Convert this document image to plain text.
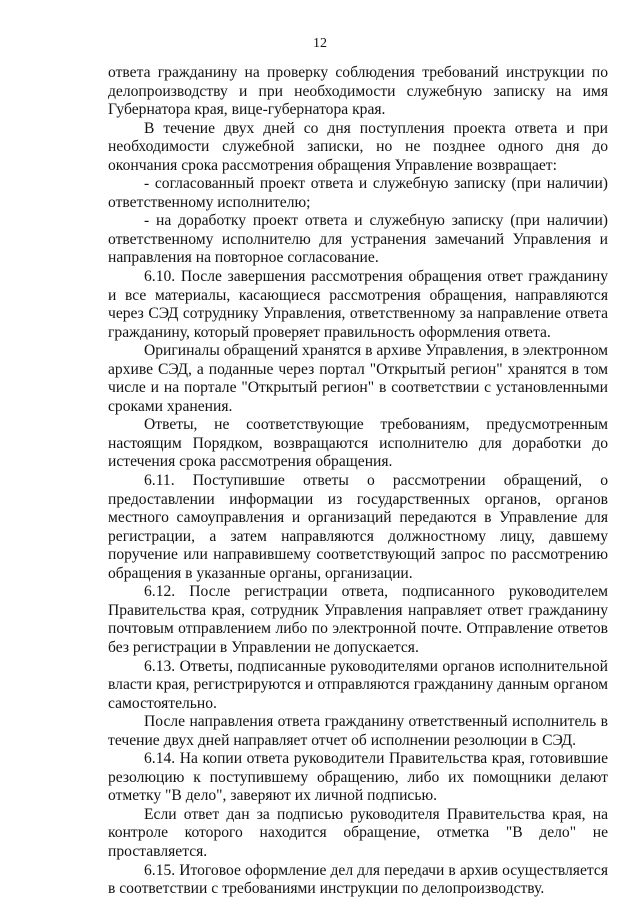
12

ответа гражданину на проверку соблюдения требований инструкции по делопроизводству и при необходимости служебную записку на имя Губернатора края, вице-губернатора края.

В течение двух дней со дня поступления проекта ответа и при необходимости служебной записки, но не позднее одного дня до окончания срока рассмотрения обращения Управление возвращает:

- согласованный проект ответа и служебную записку (при наличии) ответственному исполнителю;

- на доработку проект ответа и служебную записку (при наличии) ответственному исполнителю для устранения замечаний Управления и направления на повторное согласование.

6.10. После завершения рассмотрения обращения ответ гражданину и все материалы, касающиеся рассмотрения обращения, направляются через СЭД сотруднику Управления, ответственному за направление ответа гражданину, который проверяет правильность оформления ответа.

Оригиналы обращений хранятся в архиве Управления, в электронном архиве СЭД, а поданные через портал "Открытый регион" хранятся в том числе и на портале "Открытый регион" в соответствии с установленными сроками хранения.

Ответы, не соответствующие требованиям, предусмотренным настоящим Порядком, возвращаются исполнителю для доработки до истечения срока рассмотрения обращения.

6.11. Поступившие ответы о рассмотрении обращений, о предоставлении информации из государственных органов, органов местного самоуправления и организаций передаются в Управление для регистрации, а затем направляются должностному лицу, давшему поручение или направившему соответствующий запрос по рассмотрению обращения в указанные органы, организации.

6.12. После регистрации ответа, подписанного руководителем Правительства края, сотрудник Управления направляет ответ гражданину почтовым отправлением либо по электронной почте. Отправление ответов без регистрации в Управлении не допускается.

6.13. Ответы, подписанные руководителями органов исполнительной власти края, регистрируются и отправляются гражданину данным органом самостоятельно.

После направления ответа гражданину ответственный исполнитель в течение двух дней направляет отчет об исполнении резолюции в СЭД.

6.14. На копии ответа руководители Правительства края, готовившие резолюцию к поступившему обращению, либо их помощники делают отметку "В дело", заверяют их личной подписью.

Если ответ дан за подписью руководителя Правительства края, на контроле которого находится обращение, отметка "В дело" не проставляется.

6.15. Итоговое оформление дел для передачи в архив осуществляется в соответствии с требованиями инструкции по делопроизводству.
